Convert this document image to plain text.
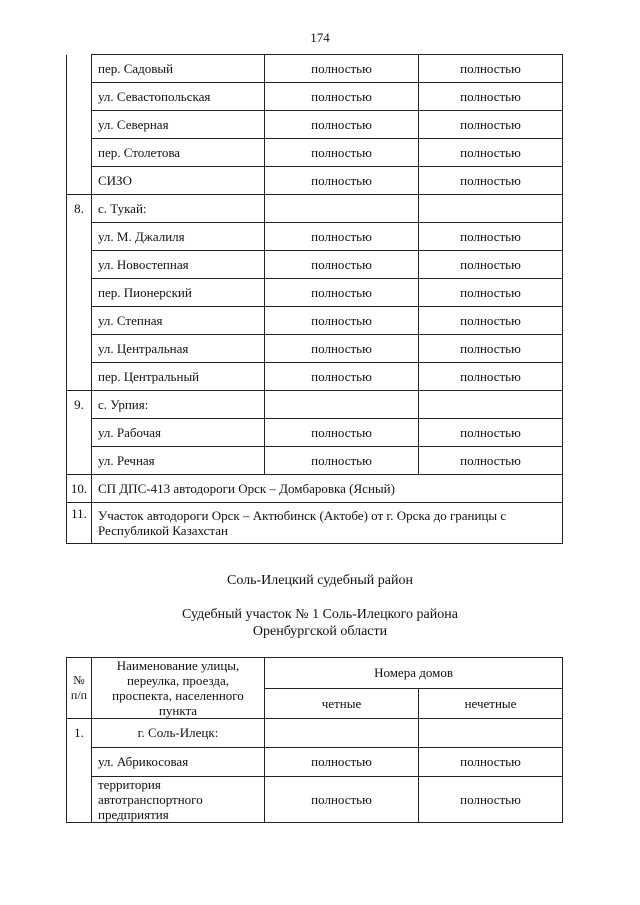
174
	пер. Садовый	полностью	полностью
	ул. Севастопольская	полностью	полностью
	ул. Северная	полностью	полностью
	пер. Столетова	полностью	полностью
	СИЗО	полностью	полностью
8.	с. Тукай:		
	ул. М. Джалиля	полностью	полностью
	ул. Новостепная	полностью	полностью
	пер. Пионерский	полностью	полностью
	ул. Степная	полностью	полностью
	ул. Центральная	полностью	полностью
	пер. Центральный	полностью	полностью
9.	с. Урпия:		
	ул. Рабочая	полностью	полностью
	ул. Речная	полностью	полностью
10.	СП ДПС-413 автодороги Орск – Домбаровка (Ясный)		
11.	Участок автодороги Орск – Актюбинск (Актобе) от г. Орска до границы с Республикой Казахстан		
Соль-Илецкий судебный район
Судебный участок № 1 Соль-Илецкого района
Оренбургской области
№ п/п	Наименование улицы, переулка, проезда, проспекта, населенного пункта	Номера домов	
		четные	нечетные
1.	г. Соль-Илецк:		
	ул. Абрикосовая	полностью	полностью
	территория автотранспортного предприятия	полностью	полностью
